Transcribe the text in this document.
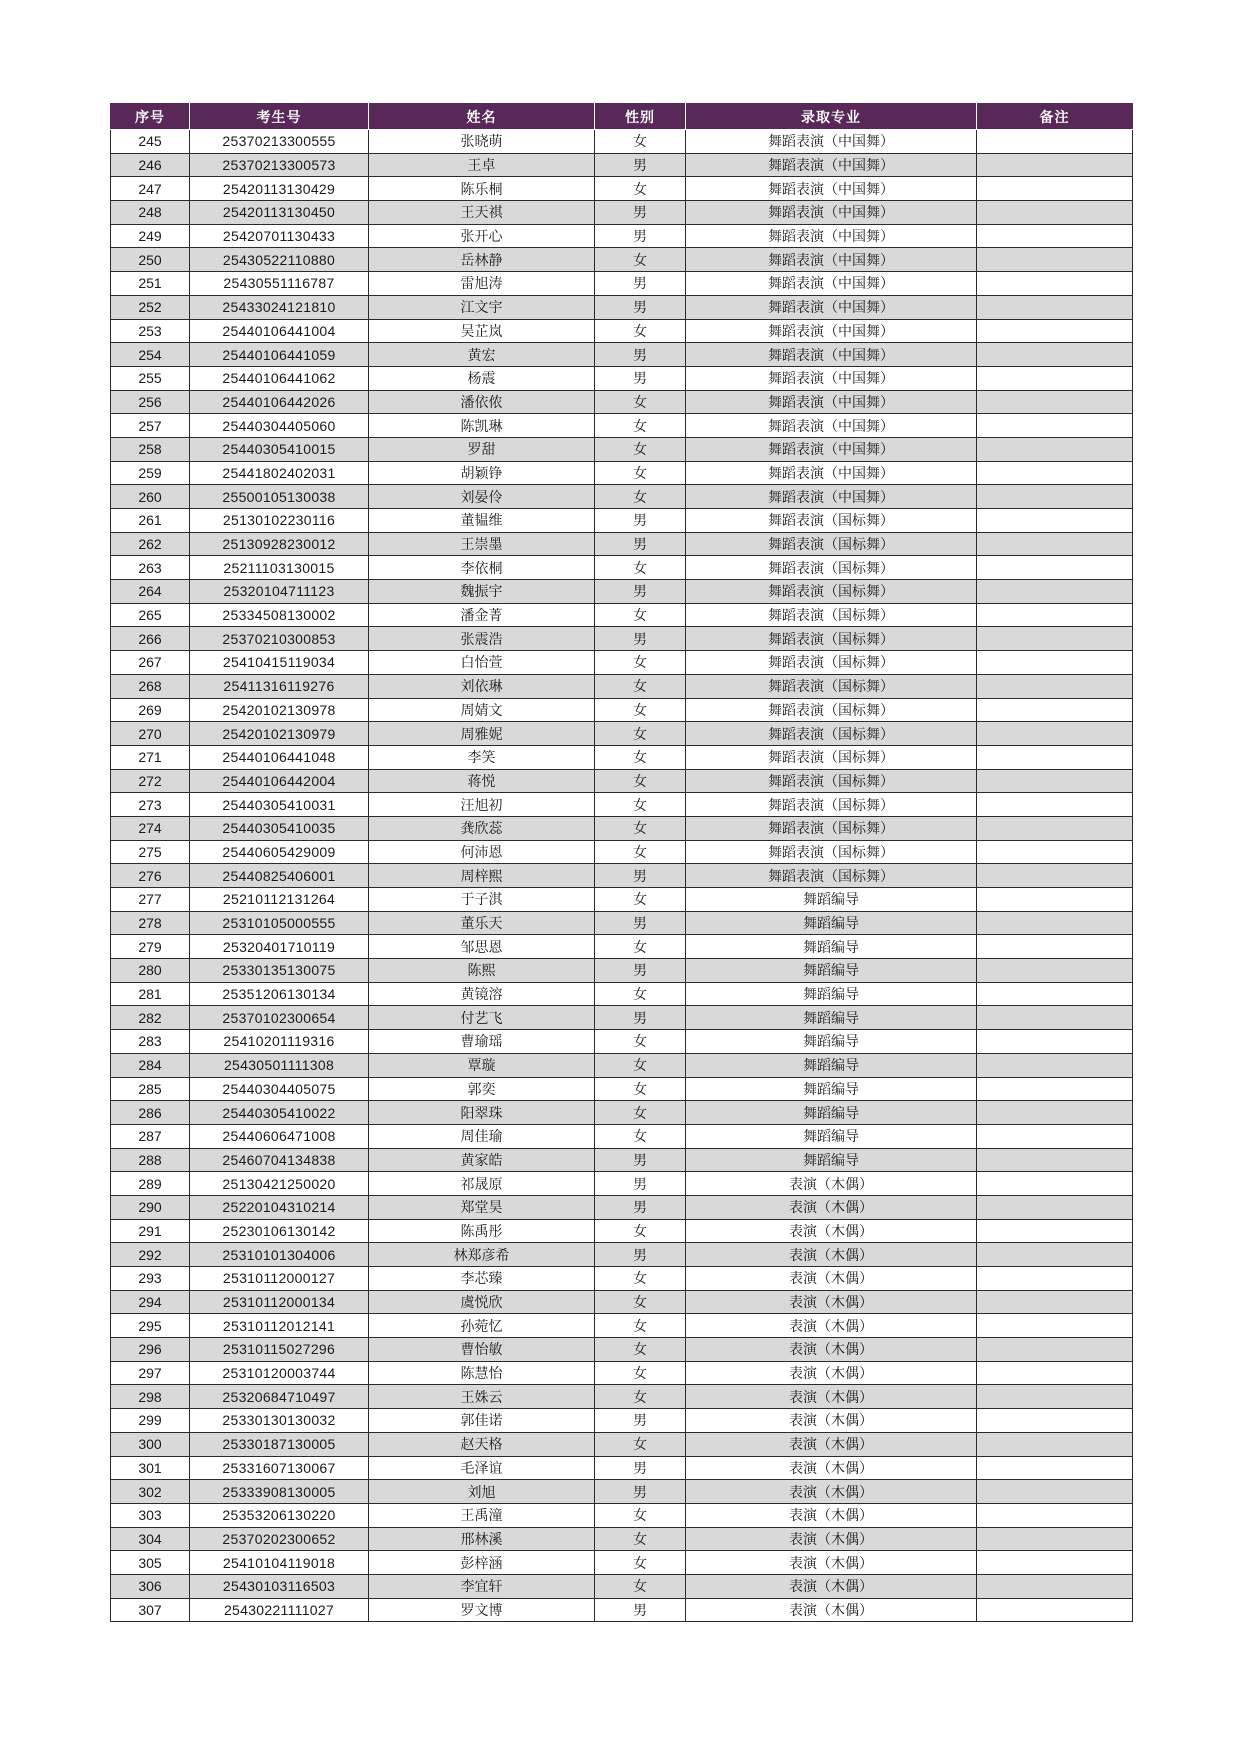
序号	考生号	姓名	性别	录取专业	备注
245	25370213300555	张晓萌	女	舞蹈表演（中国舞）	
246	25370213300573	王卓	男	舞蹈表演（中国舞）	
247	25420113130429	陈乐桐	女	舞蹈表演（中国舞）	
248	25420113130450	王天祺	男	舞蹈表演（中国舞）	
249	25420701130433	张开心	男	舞蹈表演（中国舞）	
250	25430522110880	岳林静	女	舞蹈表演（中国舞）	
251	25430551116787	雷旭涛	男	舞蹈表演（中国舞）	
252	25433024121810	江文宇	男	舞蹈表演（中国舞）	
253	25440106441004	吴芷岚	女	舞蹈表演（中国舞）	
254	25440106441059	黄宏	男	舞蹈表演（中国舞）	
255	25440106441062	杨震	男	舞蹈表演（中国舞）	
256	25440106442026	潘依侬	女	舞蹈表演（中国舞）	
257	25440304405060	陈凯琳	女	舞蹈表演（中国舞）	
258	25440305410015	罗甜	女	舞蹈表演（中国舞）	
259	25441802402031	胡颖铮	女	舞蹈表演（中国舞）	
260	25500105130038	刘晏伶	女	舞蹈表演（中国舞）	
261	25130102230116	董韫维	男	舞蹈表演（国标舞）	
262	25130928230012	王崇墨	男	舞蹈表演（国标舞）	
263	25211103130015	李依桐	女	舞蹈表演（国标舞）	
264	25320104711123	魏振宇	男	舞蹈表演（国标舞）	
265	25334508130002	潘金菁	女	舞蹈表演（国标舞）	
266	25370210300853	张震浩	男	舞蹈表演（国标舞）	
267	25410415119034	白怡萱	女	舞蹈表演（国标舞）	
268	25411316119276	刘依琳	女	舞蹈表演（国标舞）	
269	25420102130978	周婧文	女	舞蹈表演（国标舞）	
270	25420102130979	周雅妮	女	舞蹈表演（国标舞）	
271	25440106441048	李笑	女	舞蹈表演（国标舞）	
272	25440106442004	蒋悦	女	舞蹈表演（国标舞）	
273	25440305410031	汪旭初	女	舞蹈表演（国标舞）	
274	25440305410035	龚欣蕊	女	舞蹈表演（国标舞）	
275	25440605429009	何沛恩	女	舞蹈表演（国标舞）	
276	25440825406001	周梓熙	男	舞蹈表演（国标舞）	
277	25210112131264	于子淇	女	舞蹈编导	
278	25310105000555	董乐天	男	舞蹈编导	
279	25320401710119	邹思恩	女	舞蹈编导	
280	25330135130075	陈熙	男	舞蹈编导	
281	25351206130134	黄镜溶	女	舞蹈编导	
282	25370102300654	付艺飞	男	舞蹈编导	
283	25410201119316	曹瑜瑶	女	舞蹈编导	
284	25430501111308	覃璇	女	舞蹈编导	
285	25440304405075	郭奕	女	舞蹈编导	
286	25440305410022	阳翠珠	女	舞蹈编导	
287	25440606471008	周佳瑜	女	舞蹈编导	
288	25460704134838	黄家皓	男	舞蹈编导	
289	25130421250020	祁晟原	男	表演（木偶）	
290	25220104310214	郑堂昊	男	表演（木偶）	
291	25230106130142	陈禹彤	女	表演（木偶）	
292	25310101304006	林郑彦希	男	表演（木偶）	
293	25310112000127	李芯臻	女	表演（木偶）	
294	25310112000134	虞悦欣	女	表演（木偶）	
295	25310112012141	孙菀忆	女	表演（木偶）	
296	25310115027296	曹怡敏	女	表演（木偶）	
297	25310120003744	陈慧怡	女	表演（木偶）	
298	25320684710497	王姝云	女	表演（木偶）	
299	25330130130032	郭佳诺	男	表演（木偶）	
300	25330187130005	赵天格	女	表演（木偶）	
301	25331607130067	毛泽谊	男	表演（木偶）	
302	25333908130005	刘旭	男	表演（木偶）	
303	25353206130220	王禹潼	女	表演（木偶）	
304	25370202300652	邢林溪	女	表演（木偶）	
305	25410104119018	彭梓涵	女	表演（木偶）	
306	25430103116503	李宜轩	女	表演（木偶）	
307	25430221111027	罗文博	男	表演（木偶）	
